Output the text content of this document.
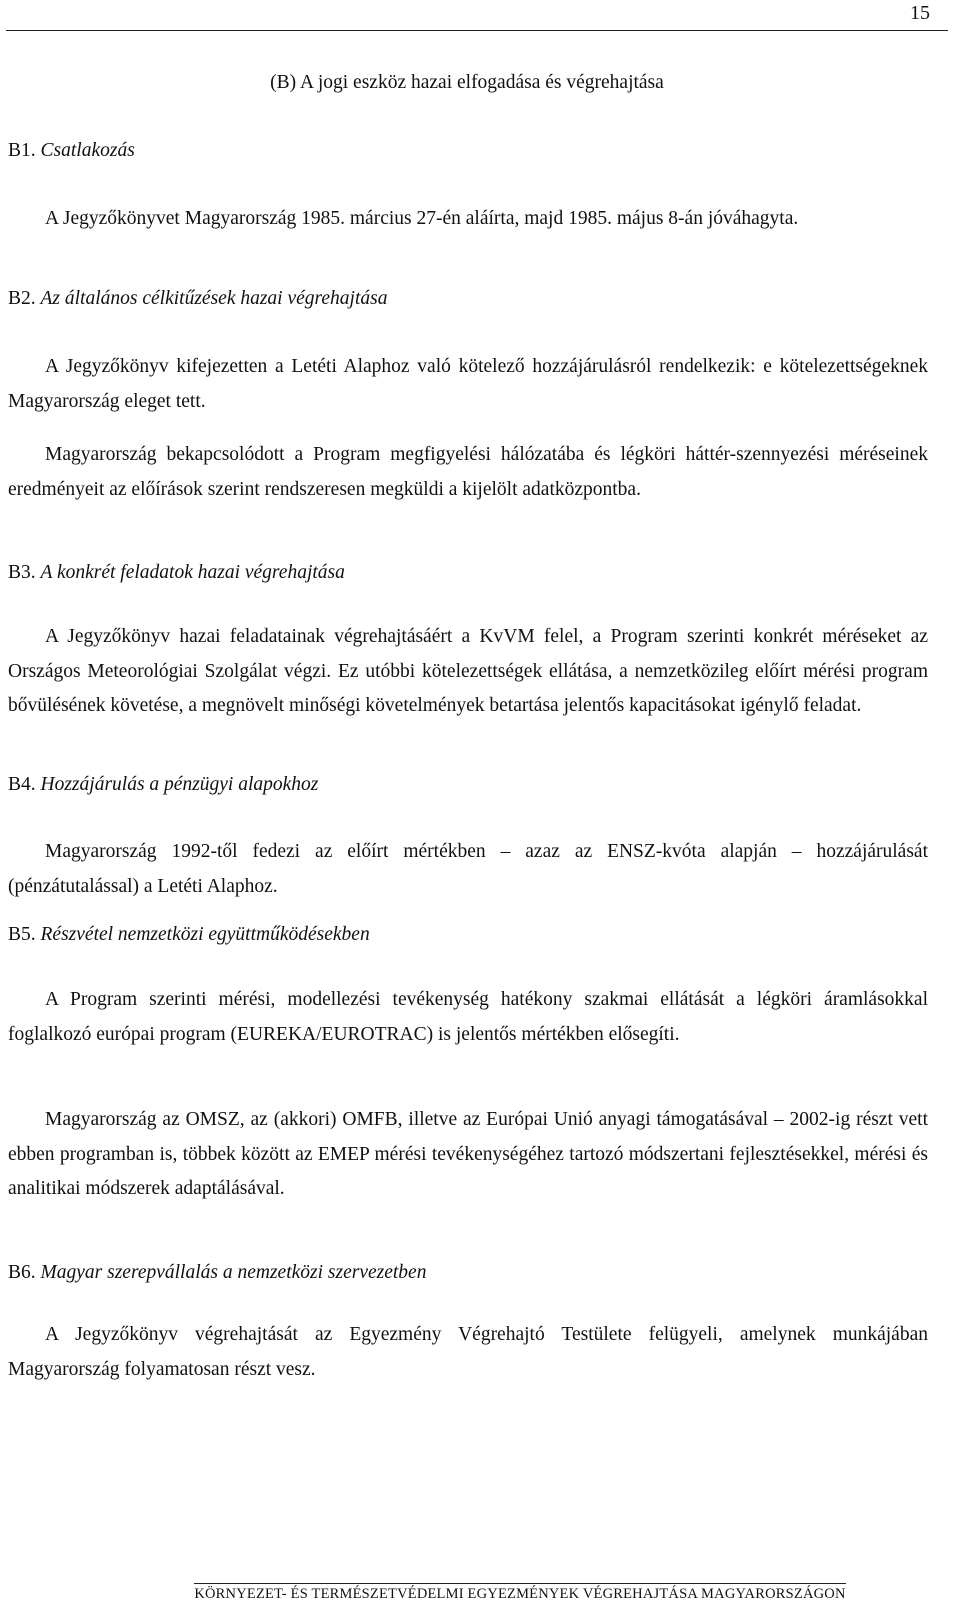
15
(B) A jogi eszköz hazai elfogadása és végrehajtása
B1. Csatlakozás
A Jegyzőkönyvet Magyarország 1985. március 27-én aláírta, majd 1985. május 8-án jóváhagyta.
B2. Az általános célkitűzések hazai végrehajtása
A Jegyzőkönyv kifejezetten a Letéti Alaphoz való kötelező hozzájárulásról rendelkezik: e kötelezettségeknek Magyarország eleget tett.
Magyarország bekapcsolódott a Program megfigyelési hálózatába és légköri háttér-szennyezési méréseinek eredményeit az előírások szerint rendszeresen megküldi a kijelölt adatközpontba.
B3. A konkrét feladatok hazai végrehajtása
A Jegyzőkönyv hazai feladatainak végrehajtásáért a KvVM felel, a Program szerinti konkrét méréseket az Országos Meteorológiai Szolgálat végzi. Ez utóbbi kötelezettségek ellátása, a nemzetközileg előírt mérési program bővülésének követése, a megnövelt minőségi követelmények betartása jelentős kapacitásokat igénylő feladat.
B4. Hozzájárulás a pénzügyi alapokhoz
Magyarország 1992-től fedezi az előírt mértékben – azaz az ENSZ-kvóta alapján – hozzájárulását (pénzátutalással) a Letéti Alaphoz.
B5. Részvétel nemzetközi együttműködésekben
A Program szerinti mérési, modellezési tevékenység hatékony szakmai ellátását a légköri áramlásokkal foglalkozó európai program (EUREKA/EUROTRAC) is jelentős mértékben elősegíti.
Magyarország az OMSZ, az (akkori) OMFB, illetve az Európai Unió anyagi támogatásával – 2002-ig részt vett ebben programban is, többek között az EMEP mérési tevékenységéhez tartozó módszertani fejlesztésekkel, mérési és analitikai módszerek adaptálásával.
B6. Magyar szerepvállalás a nemzetközi szervezetben
A Jegyzőkönyv végrehajtását az Egyezmény Végrehajtó Testülete felügyeli, amelynek munkájában Magyarország folyamatosan részt vesz.
KÖRNYEZET- ÉS TERMÉSZETVÉDELMI EGYEZMÉNYEK VÉGREHAJTÁSA MAGYARORSZÁGON
